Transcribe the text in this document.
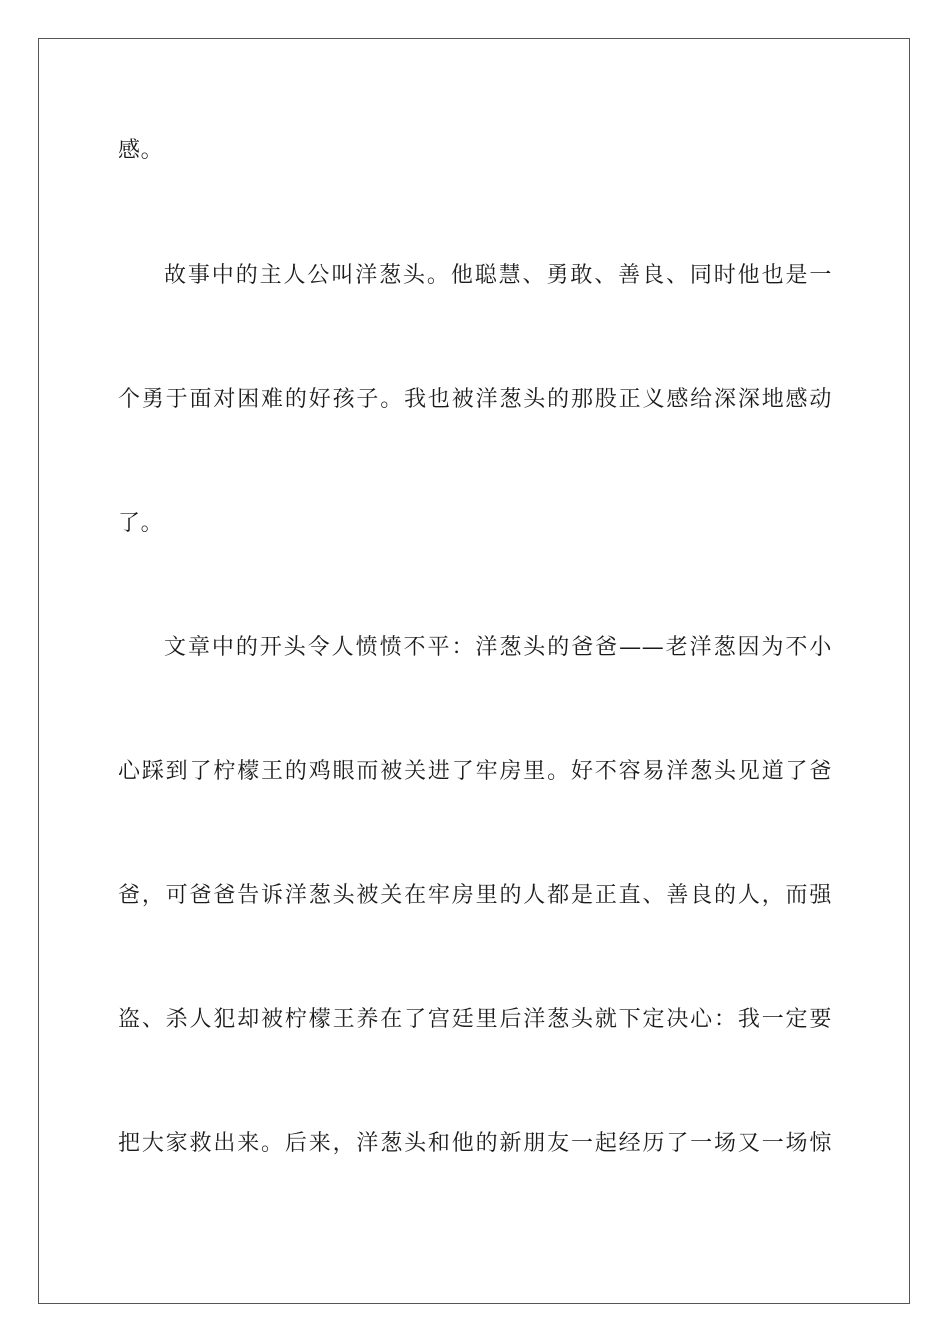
感。
故事中的主人公叫洋葱头。他聪慧、勇敢、善良、同时他也是一
个勇于面对困难的好孩子。我也被洋葱头的那股正义感给深深地感动
了。
文章中的开头令人愤愤不平：洋葱头的爸爸——老洋葱因为不小
心踩到了柠檬王的鸡眼而被关进了牢房里。好不容易洋葱头见道了爸
爸，可爸爸告诉洋葱头被关在牢房里的人都是正直、善良的人，而强
盗、杀人犯却被柠檬王养在了宫廷里后洋葱头就下定决心：我一定要
把大家救出来。后来，洋葱头和他的新朋友一起经历了一场又一场惊
